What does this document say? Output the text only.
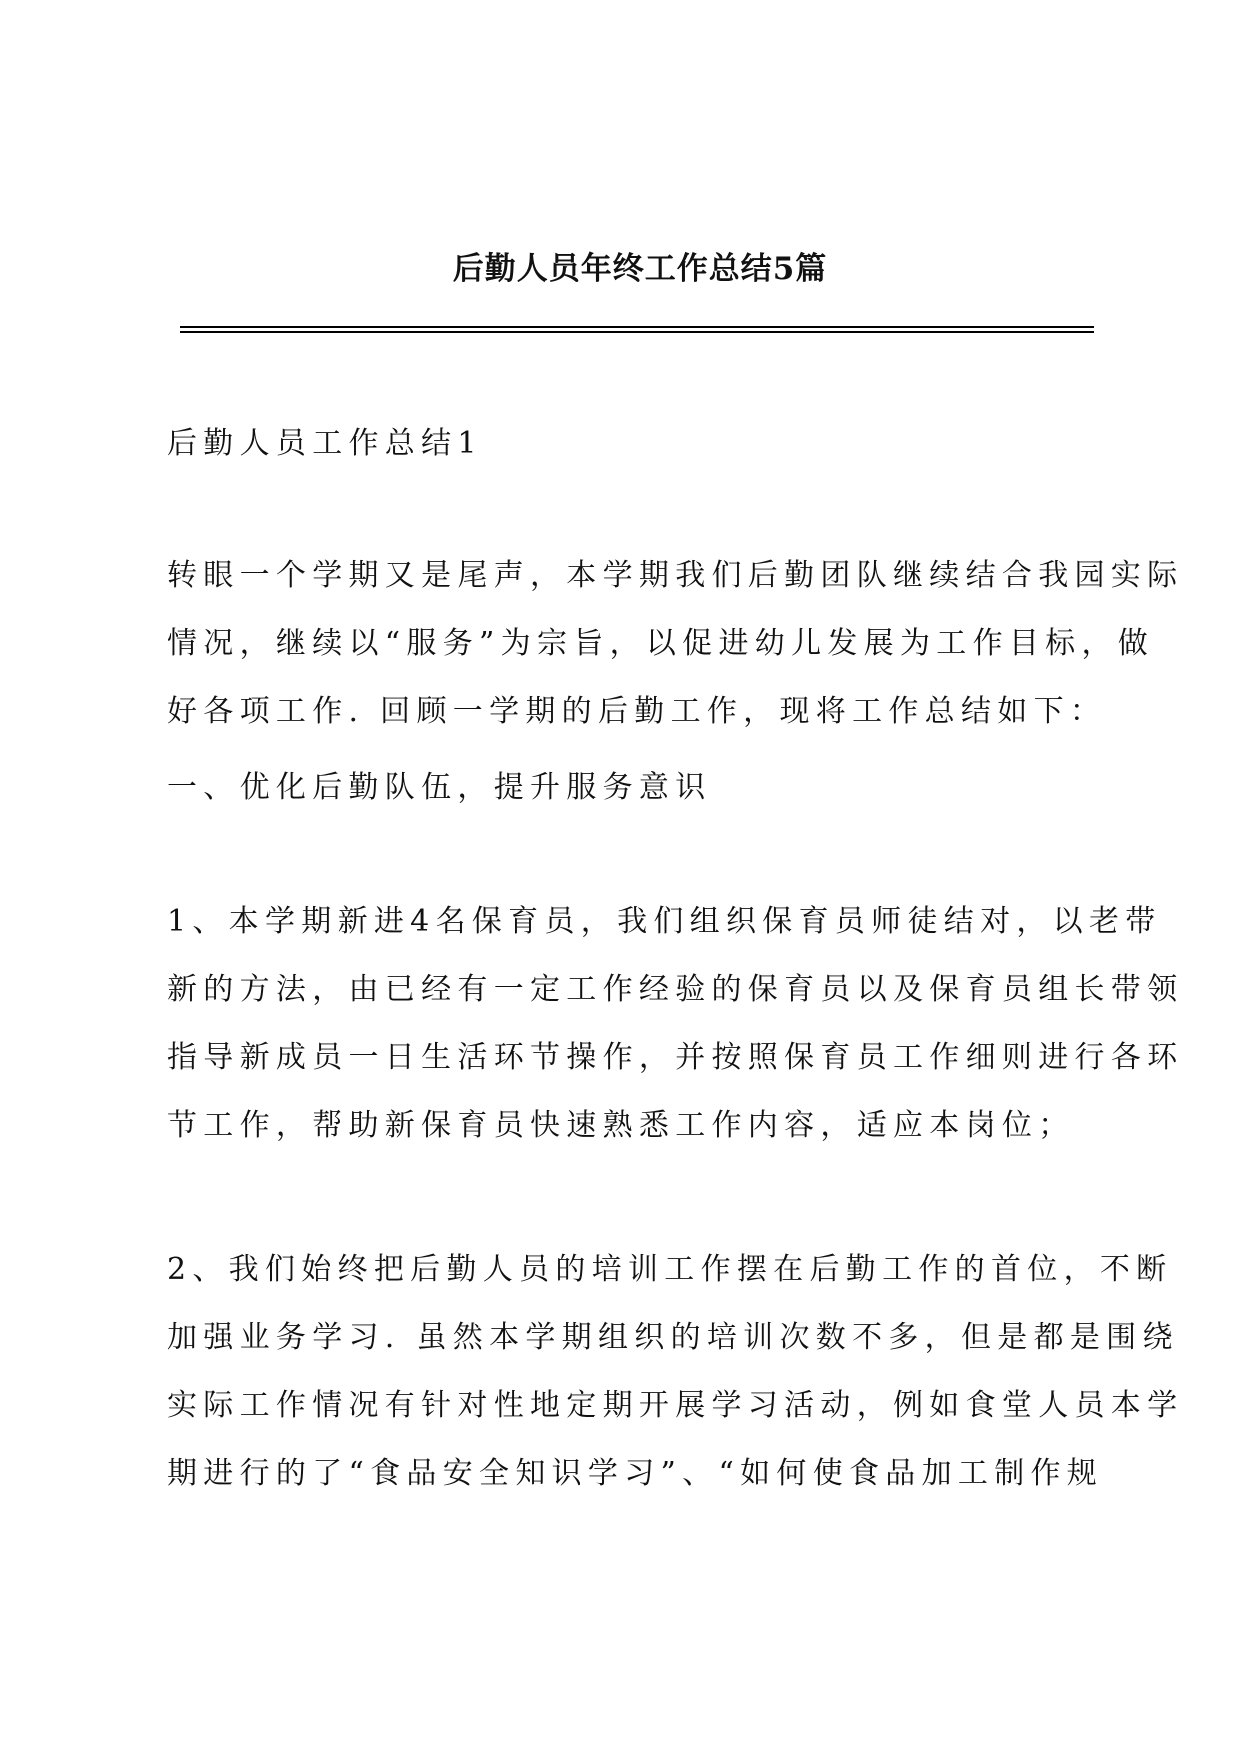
后勤人员年终工作总结5篇

后勤人员工作总结1

转眼一个学期又是尾声，本学期我们后勤团队继续结合我园实际
情况，继续以“服务”为宗旨，以促进幼儿发展为工作目标，做
好各项工作. 回顾一学期的后勤工作，现将工作总结如下：

一、优化后勤队伍，提升服务意识

1、本学期新进4名保育员，我们组织保育员师徒结对，以老带
新的方法，由已经有一定工作经验的保育员以及保育员组长带领
指导新成员一日生活环节操作，并按照保育员工作细则进行各环
节工作，帮助新保育员快速熟悉工作内容，适应本岗位；

2、我们始终把后勤人员的培训工作摆在后勤工作的首位，不断
加强业务学习. 虽然本学期组织的培训次数不多，但是都是围绕
实际工作情况有针对性地定期开展学习活动，例如食堂人员本学
期进行的了“食品安全知识学习”、“如何使食品加工制作规
